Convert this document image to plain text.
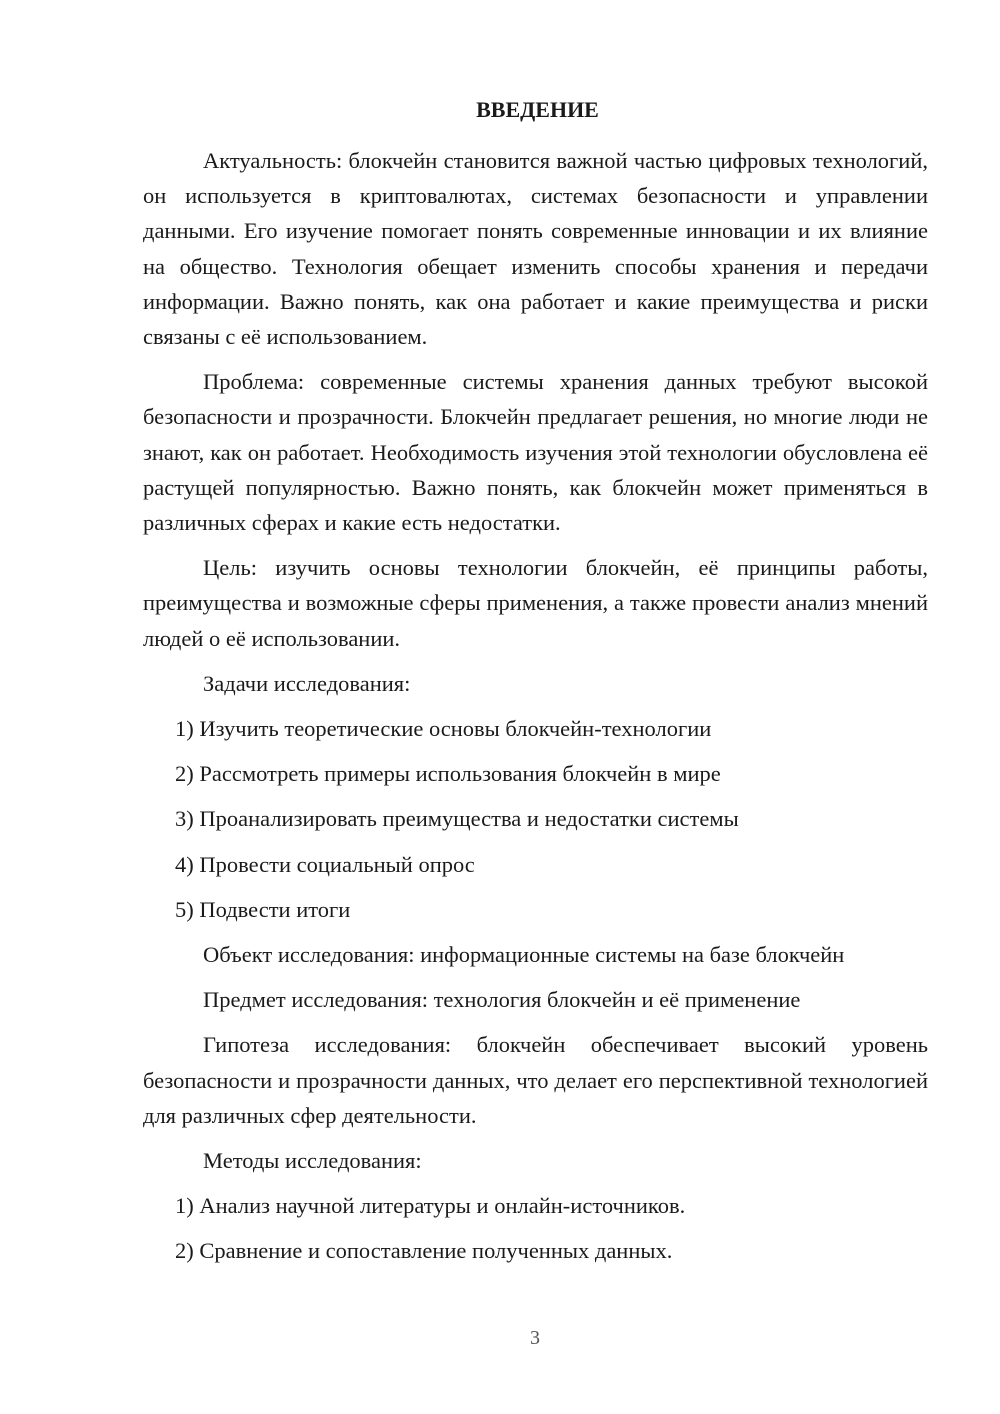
ВВЕДЕНИЕ

Актуальность: блокчейн становится важной частью цифровых технологий, он используется в криптовалютах, системах безопасности и управлении данными. Его изучение помогает понять современные инновации и их влияние на общество. Технология обещает изменить способы хранения и передачи информации. Важно понять, как она работает и какие преимущества и риски связаны с её использованием.

Проблема: современные системы хранения данных требуют высокой безопасности и прозрачности. Блокчейн предлагает решения, но многие люди не знают, как он работает. Необходимость изучения этой технологии обусловлена её растущей популярностью. Важно понять, как блокчейн может применяться в различных сферах и какие есть недостатки.

Цель: изучить основы технологии блокчейн, её принципы работы, преимущества и возможные сферы применения, а также провести анализ мнений людей о её использовании.

Задачи исследования:
1) Изучить теоретические основы блокчейн-технологии
2) Рассмотреть примеры использования блокчейн в мире
3) Проанализировать преимущества и недостатки системы
4) Провести социальный опрос
5) Подвести итоги
Объект исследования: информационные системы на базе блокчейн
Предмет исследования: технология блокчейн и её применение

Гипотеза исследования: блокчейн обеспечивает высокий уровень безопасности и прозрачности данных, что делает его перспективной технологией для различных сфер деятельности.

Методы исследования:
1) Анализ научной литературы и онлайн-источников.
2) Сравнение и сопоставление полученных данных.
3
